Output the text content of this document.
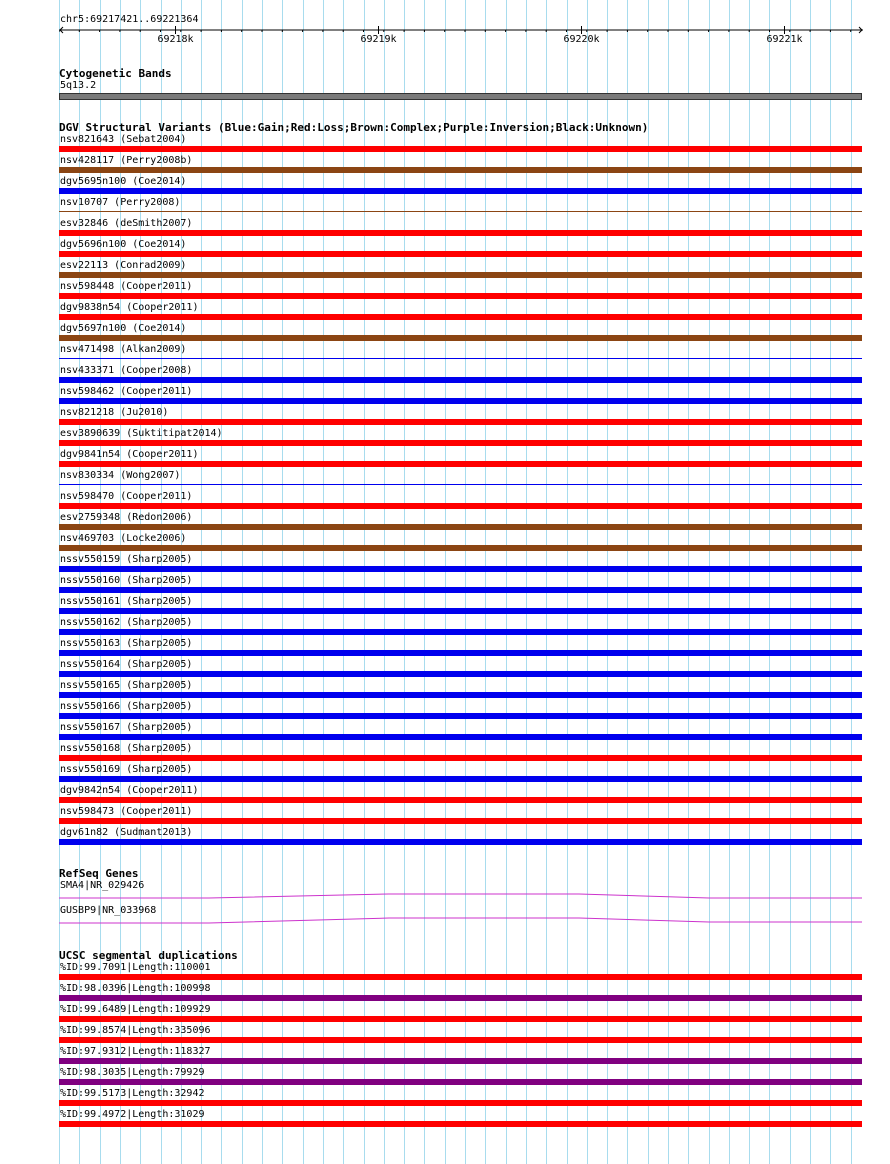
chr5:69217421..69221364
69218k	69219k	69220k	69221k
Cytogenetic Bands
5q13.2
DGV Structural Variants (Blue:Gain;Red:Loss;Brown:Complex;Purple:Inversion;Black:Unknown)
nsv821643 (Sebat2004)
nsv428117 (Perry2008b)
dgv5695n100 (Coe2014)
nsv10707 (Perry2008)
esv32846 (deSmith2007)
dgv5696n100 (Coe2014)
esv22113 (Conrad2009)
nsv598448 (Cooper2011)
dgv9838n54 (Cooper2011)
dgv5697n100 (Coe2014)
nsv471498 (Alkan2009)
nsv433371 (Cooper2008)
nsv598462 (Cooper2011)
nsv821218 (Ju2010)
esv3890639 (Suktitipat2014)
dgv9841n54 (Cooper2011)
nsv830334 (Wong2007)
nsv598470 (Cooper2011)
esv2759348 (Redon2006)
nsv469703 (Locke2006)
nssv550159 (Sharp2005)
nssv550160 (Sharp2005)
nssv550161 (Sharp2005)
nssv550162 (Sharp2005)
nssv550163 (Sharp2005)
nssv550164 (Sharp2005)
nssv550165 (Sharp2005)
nssv550166 (Sharp2005)
nssv550167 (Sharp2005)
nssv550168 (Sharp2005)
nssv550169 (Sharp2005)
dgv9842n54 (Cooper2011)
nsv598473 (Cooper2011)
dgv61n82 (Sudmant2013)
RefSeq Genes
SMA4|NR_029426
GUSBP9|NR_033968
UCSC segmental duplications
%ID:99.7091|Length:110001
%ID:98.0396|Length:100998
%ID:99.6489|Length:109929
%ID:99.8574|Length:335096
%ID:97.9312|Length:118327
%ID:98.3035|Length:79929
%ID:99.5173|Length:32942
%ID:99.4972|Length:31029
